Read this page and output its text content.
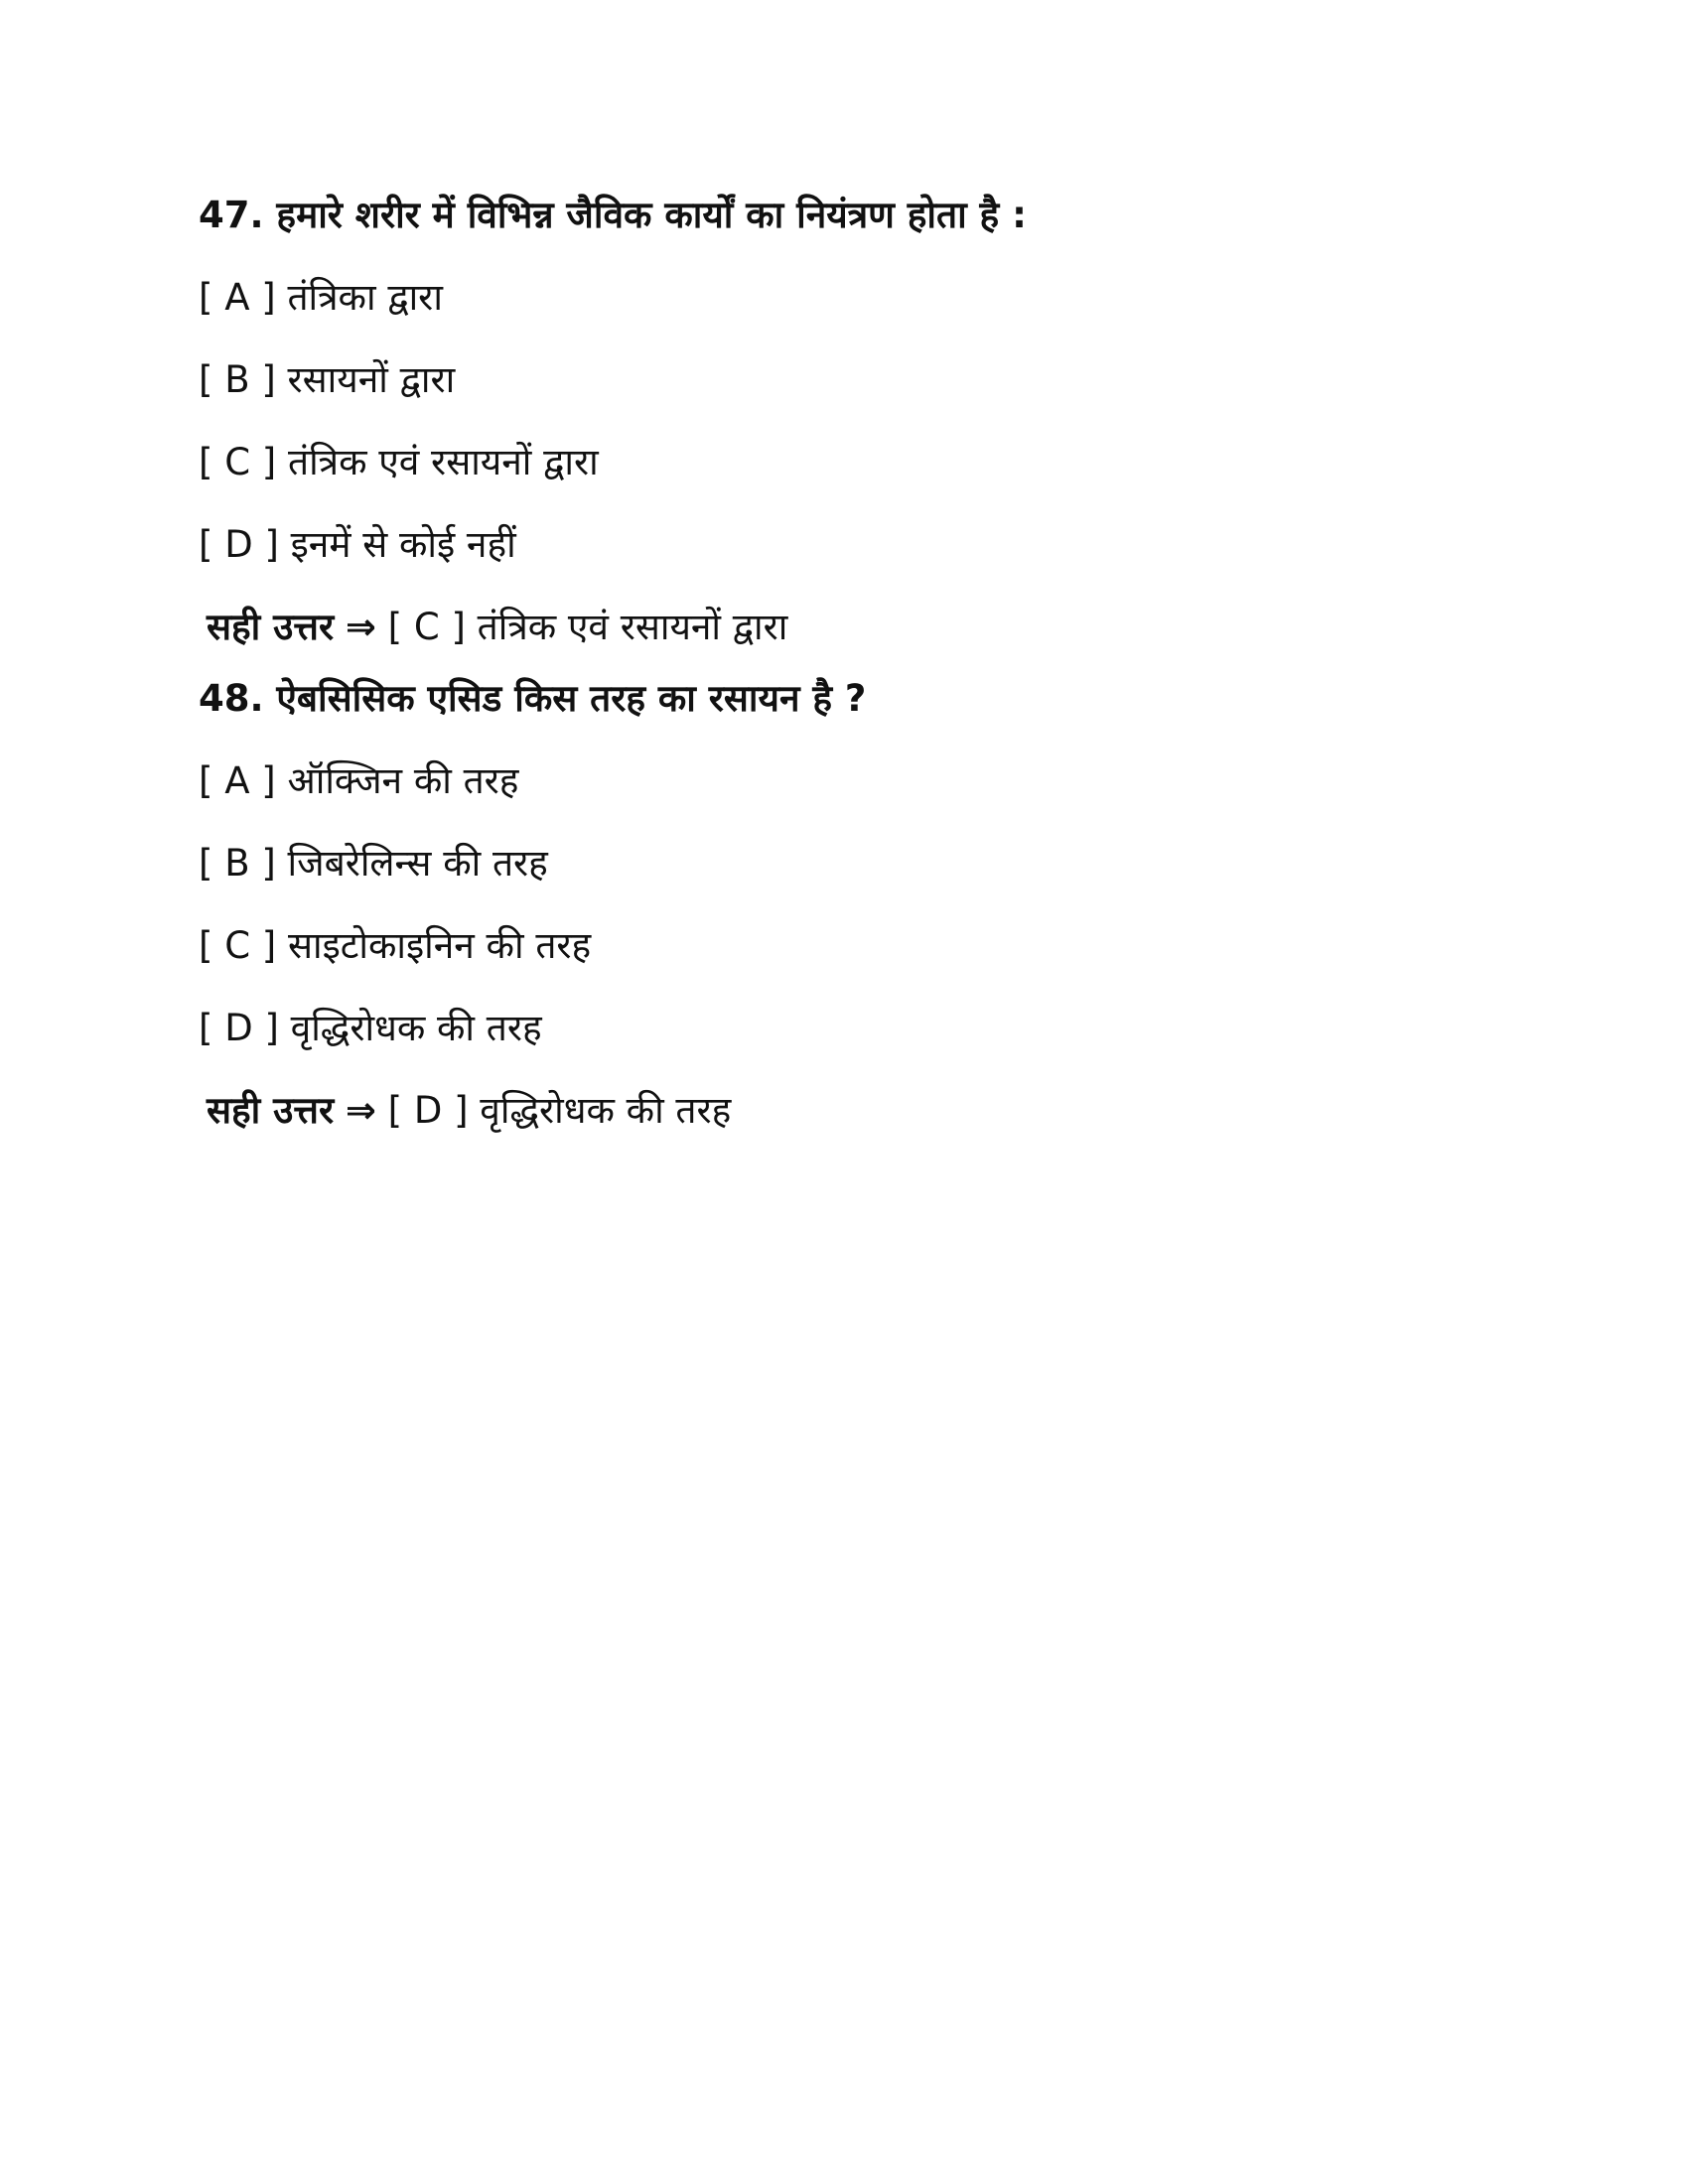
47. हमारे शरीर में विभिन्न जैविक कार्यों का नियंत्रण होता है :
[ A ] तंत्रिका द्वारा
[ B ] रसायनों द्वारा
[ C ] तंत्रिक एवं रसायनों द्वारा
[ D ] इनमें से कोई नहीं
सही उत्तर ⇒ [ C ] तंत्रिक एवं रसायनों द्वारा
48. ऐबसिसिक एसिड किस तरह का रसायन है ?
[ A ] ऑक्जिन की तरह
[ B ] जिबरेलिन्स की तरह
[ C ] साइटोकाइनिन की तरह
[ D ] वृद्धिरोधक की तरह
सही उत्तर ⇒ [ D ] वृद्धिरोधक की तरह
